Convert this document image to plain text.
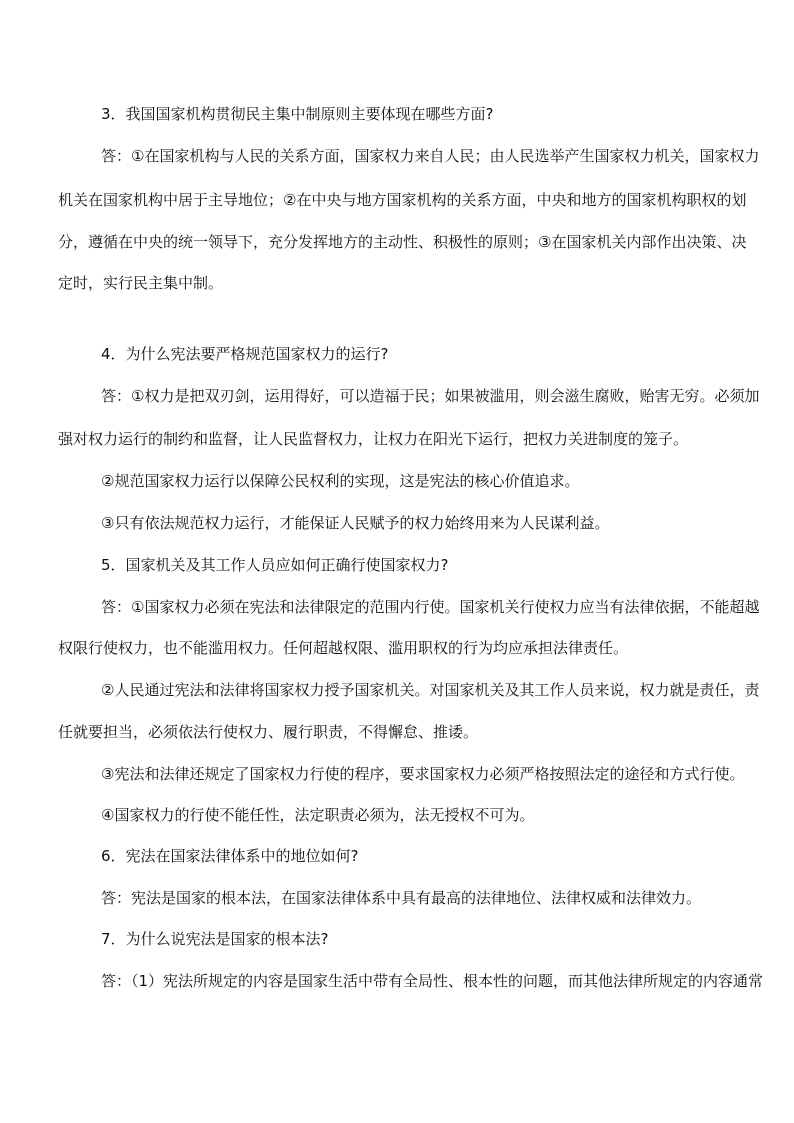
3．我国国家机构贯彻民主集中制原则主要体现在哪些方面?
答：①在国家机构与人民的关系方面，国家权力来自人民；由人民选举产生国家权力机关，国家权力
机关在国家机构中居于主导地位；②在中央与地方国家机构的关系方面，中央和地方的国家机构职权的划
分，遵循在中央的统一领导下，充分发挥地方的主动性、积极性的原则；③在国家机关内部作出决策、决
定时，实行民主集中制。
4．为什么宪法要严格规范国家权力的运行?
答：①权力是把双刃剑，运用得好，可以造福于民；如果被滥用，则会滋生腐败，贻害无穷。必须加
强对权力运行的制约和监督，让人民监督权力，让权力在阳光下运行，把权力关进制度的笼子。
②规范国家权力运行以保障公民权利的实现，这是宪法的核心价值追求。
③只有依法规范权力运行，才能保证人民赋予的权力始终用来为人民谋利益。
5．国家机关及其工作人员应如何正确行使国家权力?
答：①国家权力必须在宪法和法律限定的范围内行使。国家机关行使权力应当有法律依据，不能超越
权限行使权力，也不能滥用权力。任何超越权限、滥用职权的行为均应承担法律责任。
②人民通过宪法和法律将国家权力授予国家机关。对国家机关及其工作人员来说，权力就是责任，责
任就要担当，必须依法行使权力、履行职责，不得懈怠、推诿。
③宪法和法律还规定了国家权力行使的程序，要求国家权力必须严格按照法定的途径和方式行使。
④国家权力的行使不能任性，法定职责必须为，法无授权不可为。
6．宪法在国家法律体系中的地位如何?
答：宪法是国家的根本法，在国家法律体系中具有最高的法律地位、法律权威和法律效力。
7．为什么说宪法是国家的根本法?
答：（1）宪法所规定的内容是国家生活中带有全局性、根本性的问题，而其他法律所规定的内容通常
